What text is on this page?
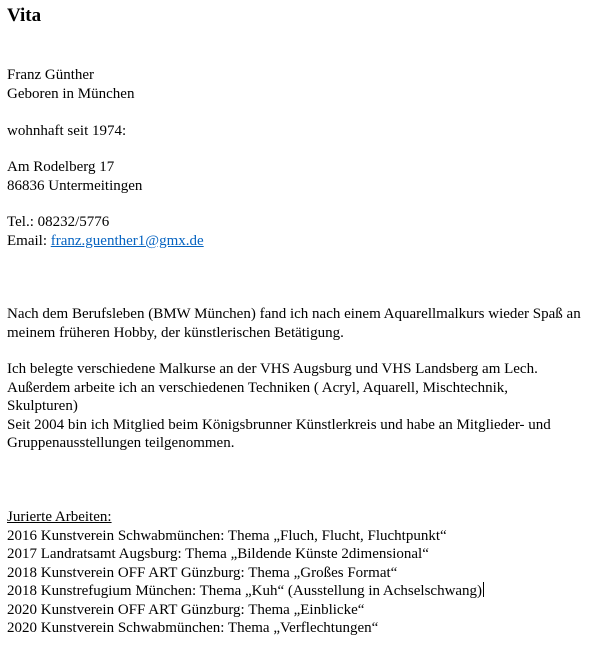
Vita
Franz Günther
Geboren in München
wohnhaft seit 1974:
Am Rodelberg 17
86836 Untermeitingen
Tel.: 08232/5776
Email: franz.guenther1@gmx.de
Nach dem Berufsleben (BMW München) fand ich nach einem Aquarellmalkurs wieder Spaß an meinem früheren Hobby, der künstlerischen Betätigung.
Ich belegte verschiedene Malkurse an der VHS Augsburg und VHS Landsberg am Lech.
Außerdem arbeite ich an verschiedenen Techniken ( Acryl, Aquarell, Mischtechnik, Skulpturen)
Seit 2004 bin ich Mitglied beim Königsbrunner Künstlerkreis und habe an Mitglieder- und Gruppenausstellungen teilgenommen.
Jurierte Arbeiten:
2016 Kunstverein Schwabmünchen: Thema „Fluch, Flucht, Fluchtpunkt“
2017 Landratsamt Augsburg: Thema „Bildende Künste 2dimensional“
2018 Kunstverein OFF ART Günzburg: Thema „Großes Format“
2018 Kunstrefugium München: Thema „Kuh“ (Ausstellung in Achselschwang)
2020 Kunstverein OFF ART Günzburg: Thema „Einblicke“
2020 Kunstverein Schwabmünchen: Thema „Verflechtungen“
